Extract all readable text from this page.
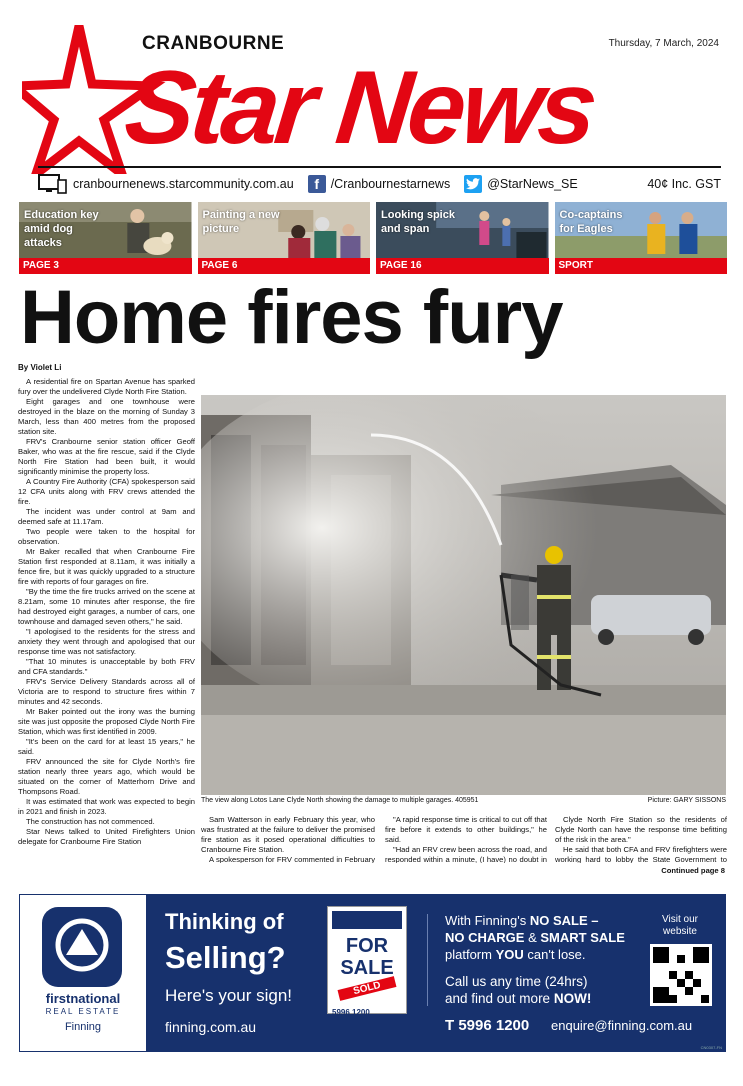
CRANBOURNE	Thursday, 7 March, 2024
Star News
cranbournenews.starcommunity.com.au	f /Cranbournestarnews	@StarNews_SE	40¢ Inc. GST
Education key amid dog attacks
PAGE 3
Painting a new picture
PAGE 6
Looking spick and span
PAGE 16
Co-captains for Eagles
SPORT
Home fires fury
By Violet Li

A residential fire on Spartan Avenue has sparked fury over the undelivered Clyde North Fire Station.

Eight garages and one townhouse were destroyed in the blaze on the morning of Sunday 3 March, less than 400 metres from the proposed station site.

FRV's Cranbourne senior station officer Geoff Baker, who was at the fire rescue, said if the Clyde North Fire Station had been built, it would significantly minimise the property loss.

A Country Fire Authority (CFA) spokesperson said 12 CFA units along with FRV crews attended the fire.

The incident was under control at 9am and deemed safe at 11.17am.

Two people were taken to the hospital for observation.

Mr Baker recalled that when Cranbourne Fire Station first responded at 8.11am, it was initially a fence fire, but it was quickly upgraded to a structure fire with reports of four garages on fire.

"By the time the fire trucks arrived on the scene at 8.21am, some 10 minutes after response, the fire had destroyed eight garages, a number of cars, one townhouse and damaged seven others," he said.

"I apologised to the residents for the stress and anxiety they went through and apologised that our response time was not satisfactory.

"That 10 minutes is unacceptable by both FRV and CFA standards."

FRV's Service Delivery Standards across all of Victoria are to respond to structure fires within 7 minutes and 42 seconds.

Mr Baker pointed out the irony was the burning site was just opposite the proposed Clyde North Fire Station, which was first identified in 2009.

"It's been on the card for at least 15 years," he said.

FRV announced the site for Clyde North's fire station nearly three years ago, which would be situated on the corner of Matterhorn Drive and Thompsons Road.

It was estimated that work was expected to begin in 2021 and finish in 2023.

The construction has not commenced.

Star News talked to United Firefighters Union delegate for Cranbourne Fire Station

The view along Lotos Lane Clyde North showing the damage to multiple garages. 405951	Picture: GARY SISSONS

Sam Watterson in early February this year, who was frustrated at the failure to deliver the promised fire station as it posed operational difficulties to Cranbourne Fire Station.

A spokesperson for FRV commented in February

"A rapid response time is critical to cut off that fire before it extends to other buildings," he said.

"Had an FRV crew been across the road, and responded within a minute, (I have) no doubt in

Clyde North Fire Station so the residents of Clyde North can have the response time befitting of the risk in the area."

He said that both CFA and FRV firefighters were working hard to lobby the State Government to

Continued page 8
firstnational
REAL ESTATE
Finning
Thinking of
Selling?
Here's your sign!
finning.com.au
FOR SALE
SOLD
5996 1200
With Finning's NO SALE –
NO CHARGE & SMART SALE
platform YOU can't lose.
Call us any time (24hrs)
and find out more NOW!
T 5996 1200 enquire@finning.com.au
Visit our website
CN0307-FN
